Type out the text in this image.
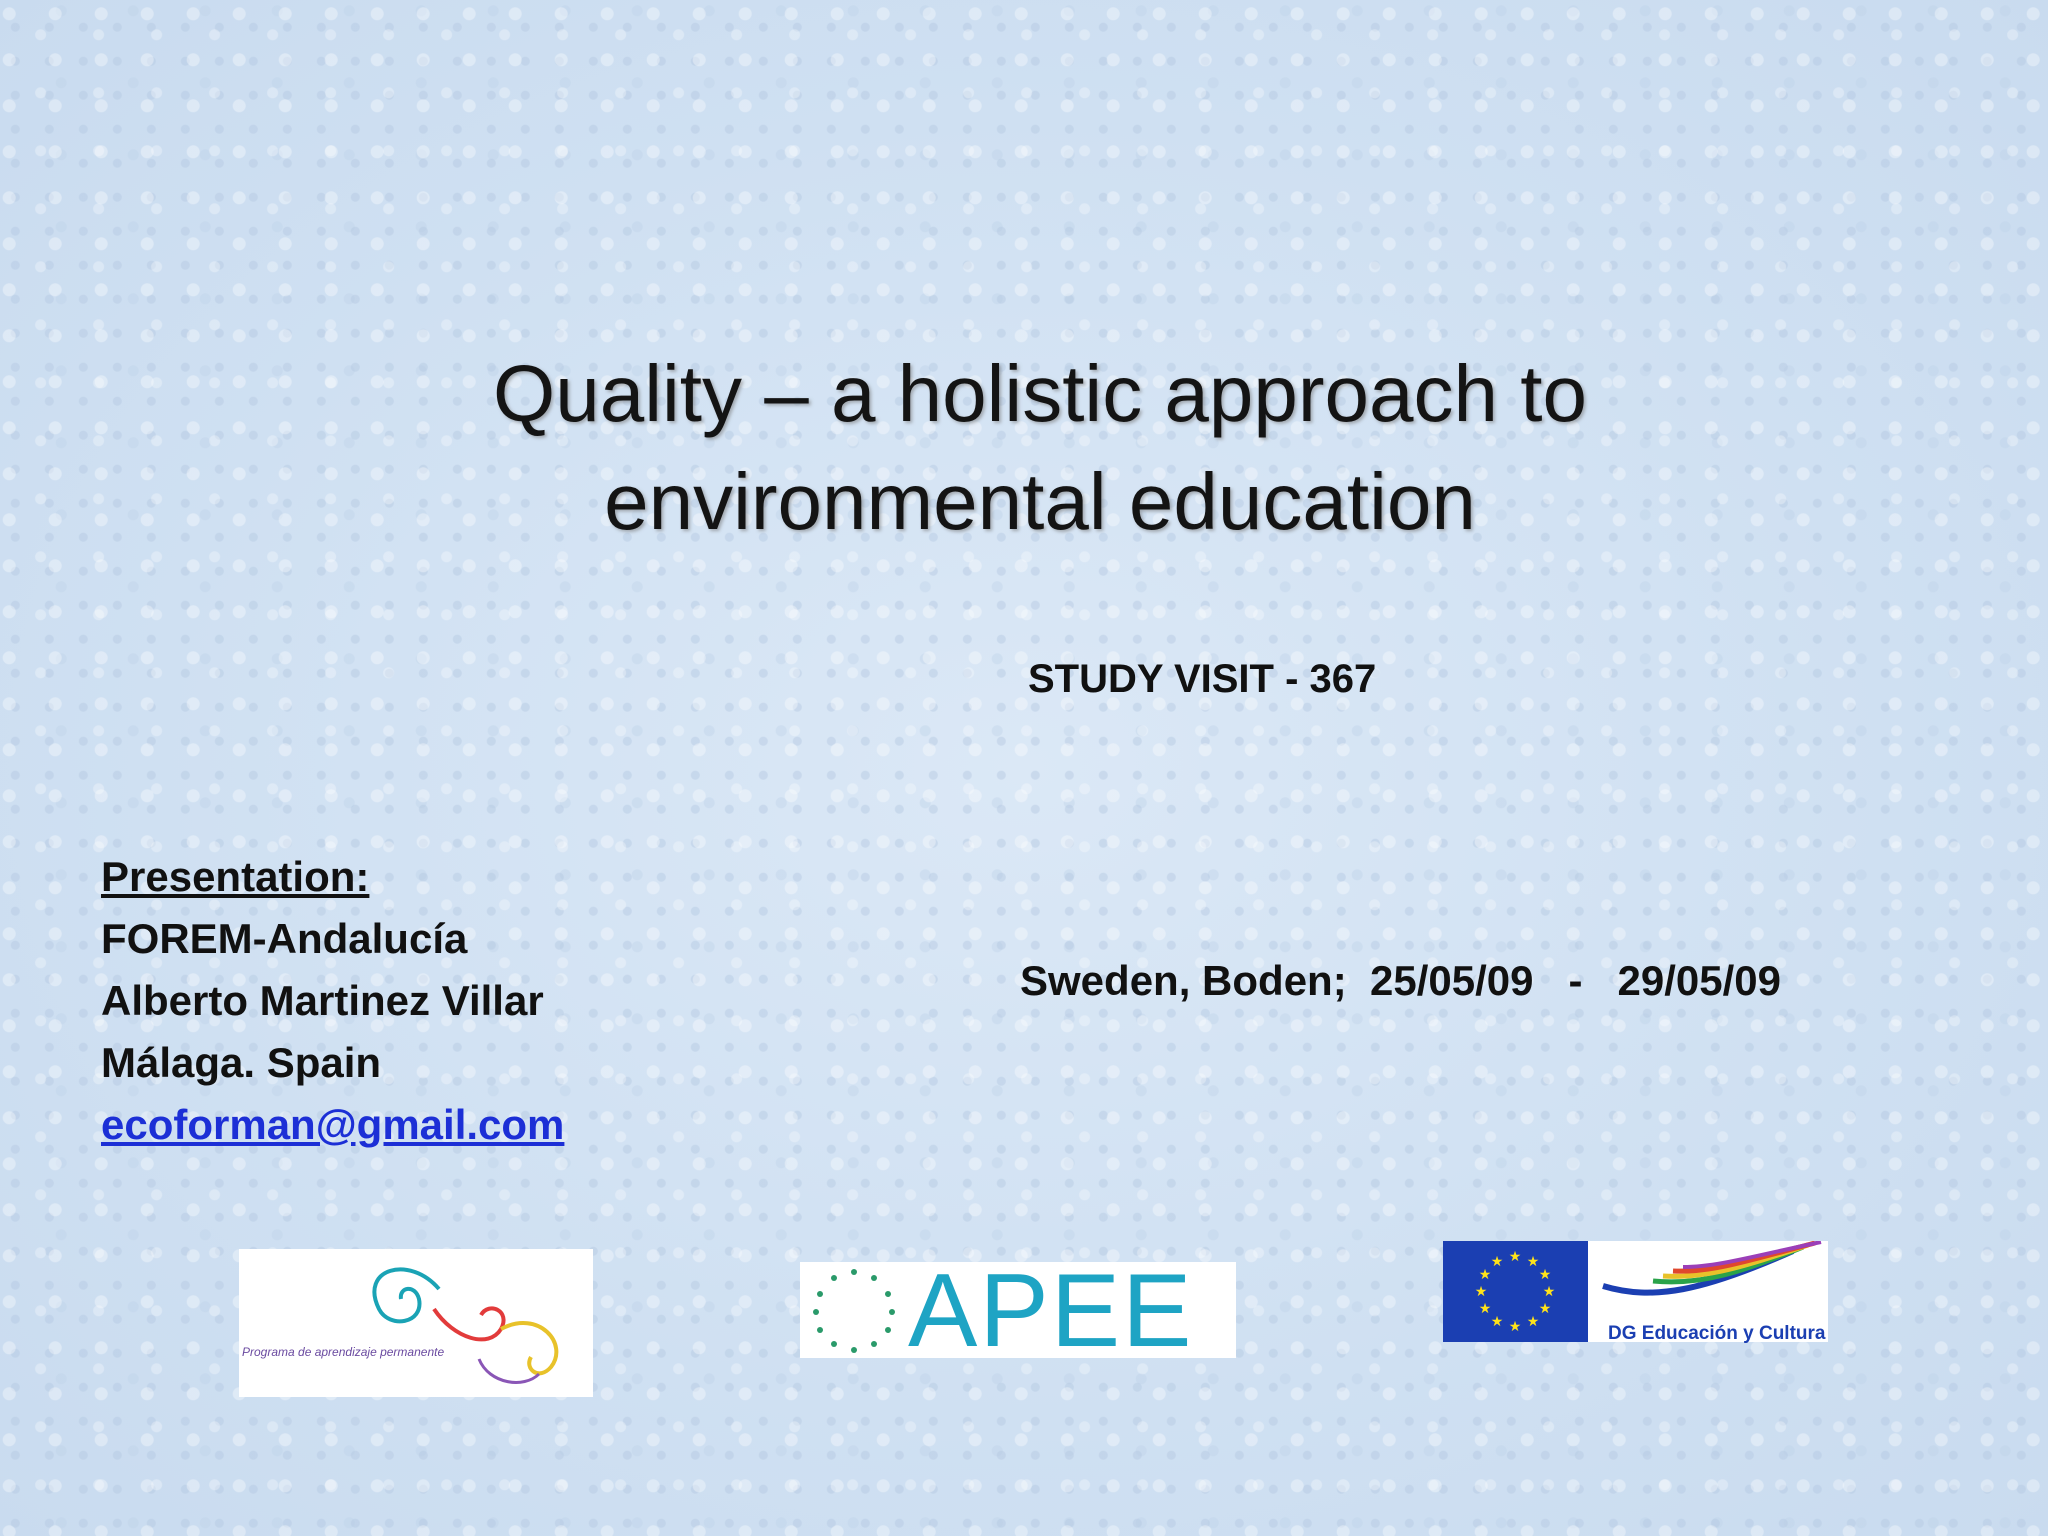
Quality – a holistic approach to environmental education
STUDY VISIT - 367
Presentation:
FOREM-Andalucía
Alberto Martinez Villar
Málaga. Spain
ecoforman@gmail.com
Sweden, Boden;  25/05/09   -   29/05/09
Programa de aprendizaje permanente	APEE	★ ★
★
★
★
★
★
★
★
★
★
★
DG Educación y Cultura
